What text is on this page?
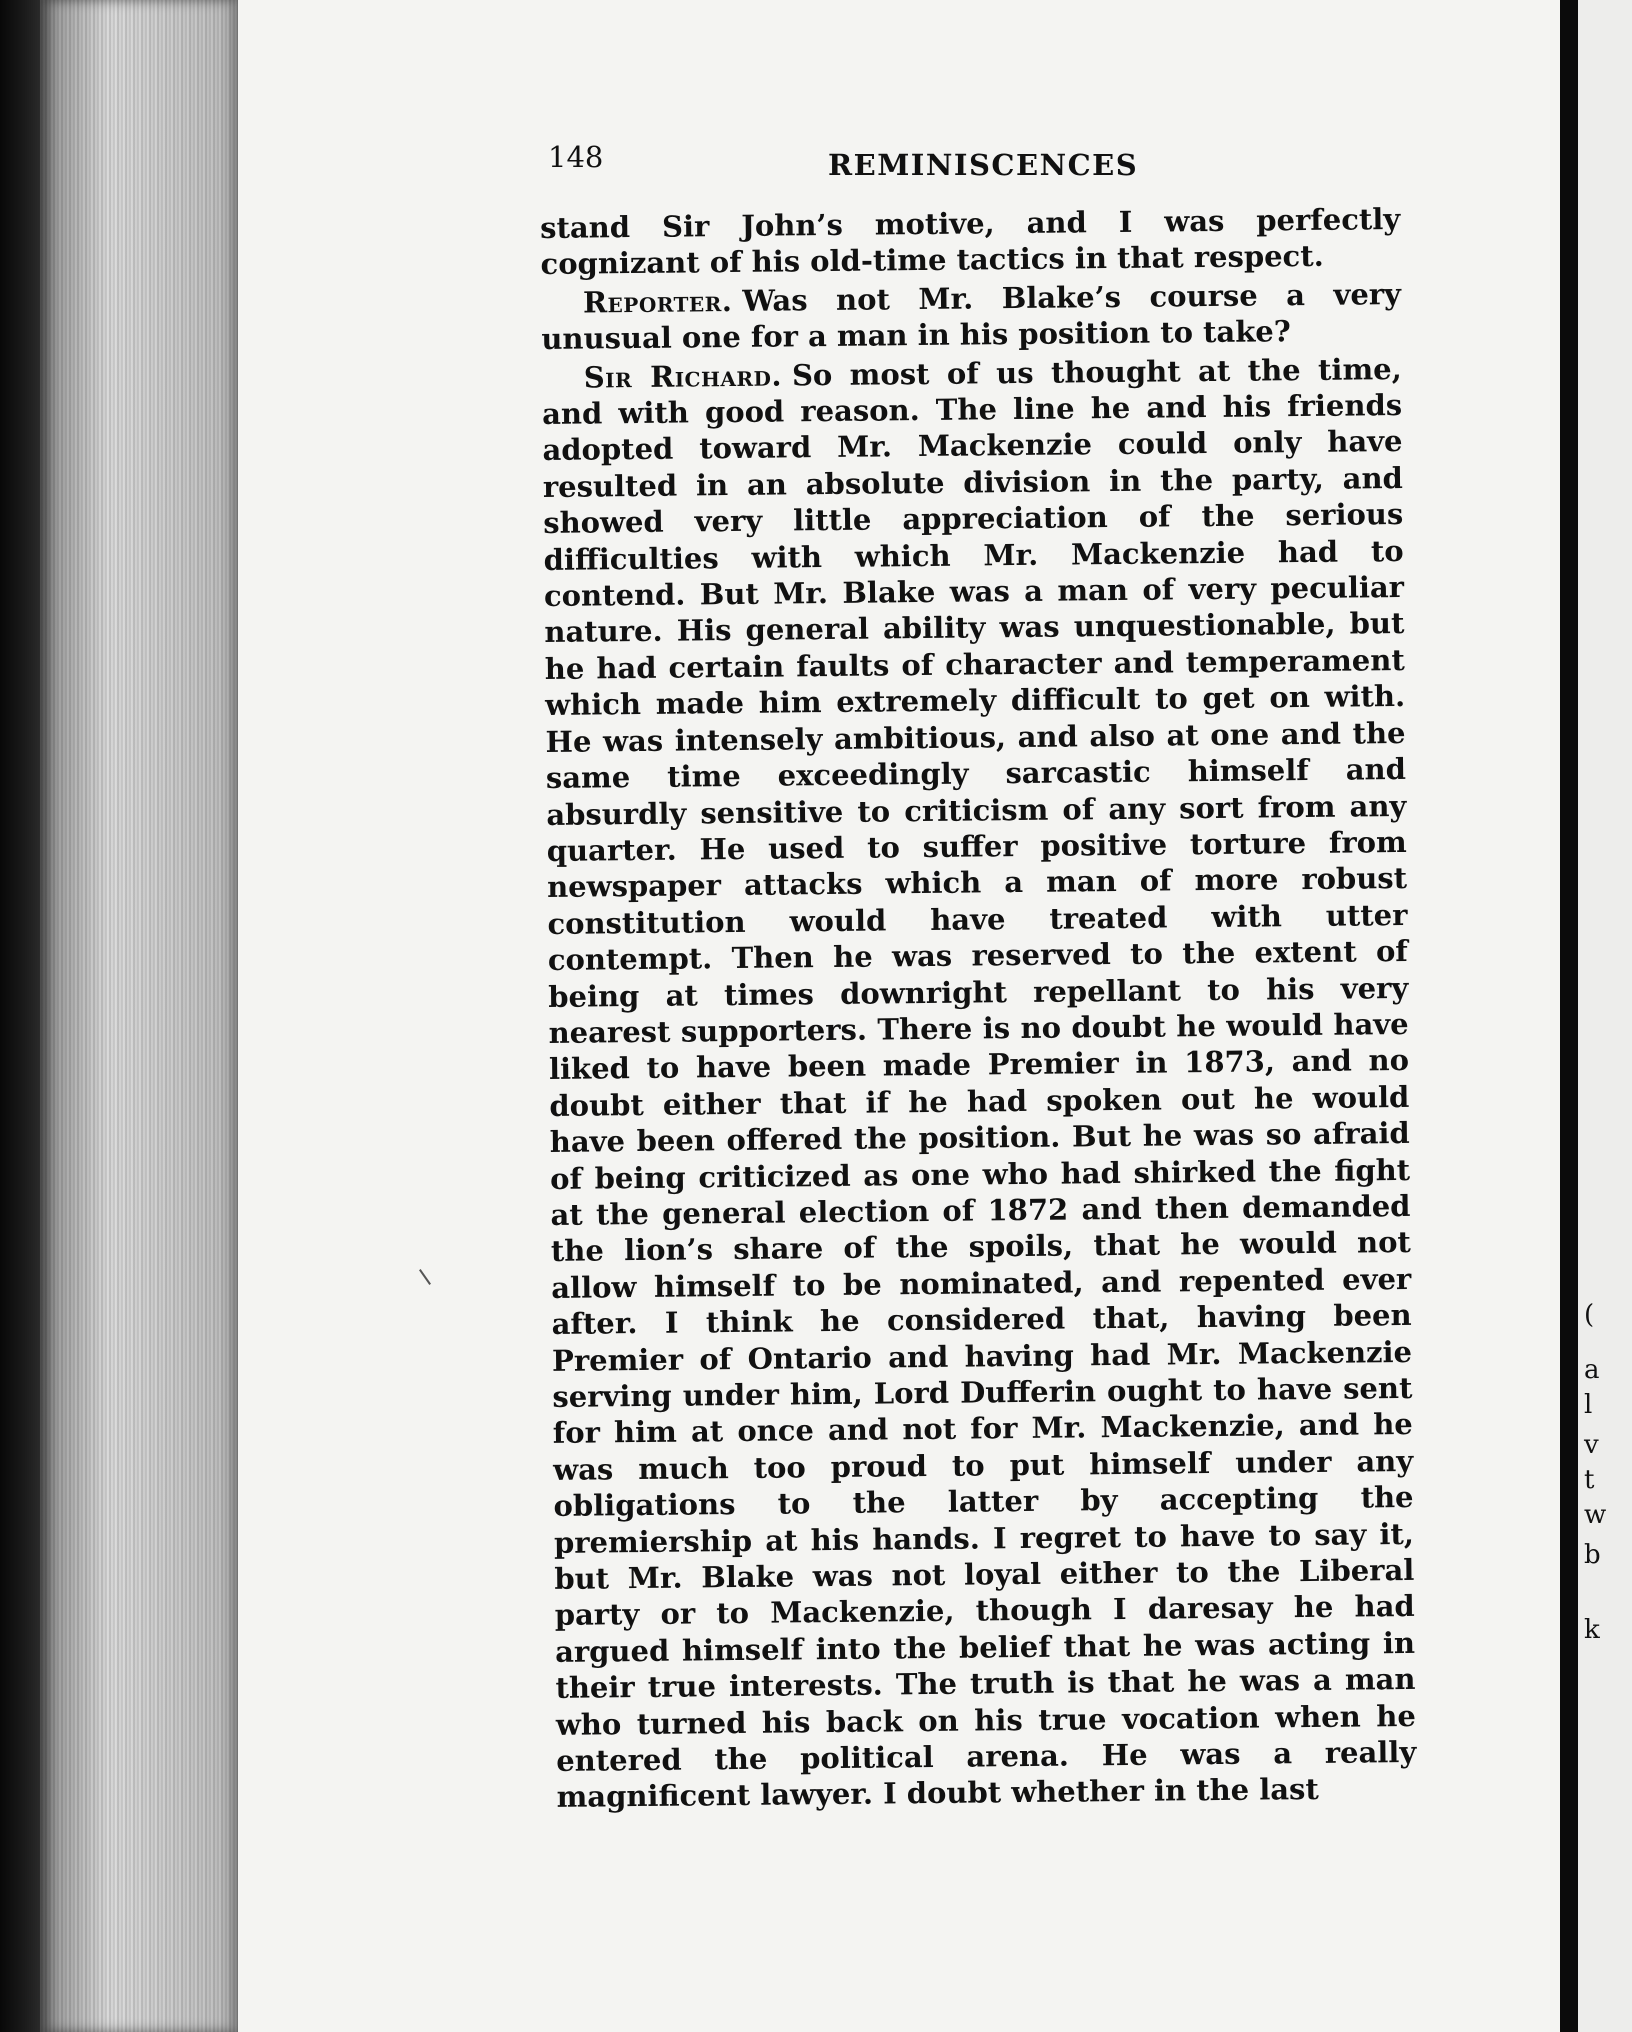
(
a
l
v
t
w
b
k
148	REMINISCENCES

stand Sir John’s motive, and I was perfectly cognizant of his old-time tactics in that respect.

Reporter. Was not Mr. Blake’s course a very unusual one for a man in his position to take?

Sir Richard. So most of us thought at the time, and with good reason. The line he and his friends adopted toward Mr. Mackenzie could only have resulted in an absolute division in the party, and showed very little appreciation of the serious difficulties with which Mr. Mackenzie had to contend. But Mr. Blake was a man of very peculiar nature. His general ability was unquestionable, but he had certain faults of character and temperament which made him extremely difficult to get on with. He was intensely ambitious, and also at one and the same time exceedingly sarcastic himself and absurdly sensitive to criticism of any sort from any quarter. He used to suffer positive torture from newspaper attacks which a man of more robust constitution would have treated with utter contempt. Then he was reserved to the extent of being at times downright repellant to his very nearest supporters. There is no doubt he would have liked to have been made Premier in 1873, and no doubt either that if he had spoken out he would have been offered the position. But he was so afraid of being criticized as one who had shirked the fight at the general election of 1872 and then demanded the lion’s share of the spoils, that he would not allow himself to be nominated, and repented ever after. I think he considered that, having been Premier of Ontario and having had Mr. Mackenzie serving under him, Lord Dufferin ought to have sent for him at once and not for Mr. Mackenzie, and he was much too proud to put himself under any obligations to the latter by accepting the premiership at his hands. I regret to have to say it, but Mr. Blake was not loyal either to the Liberal party or to Mackenzie, though I daresay he had argued himself into the belief that he was acting in their true interests. The truth is that he was a man who turned his back on his true vocation when he entered the political arena. He was a really magnificent lawyer. I doubt whether in the last
